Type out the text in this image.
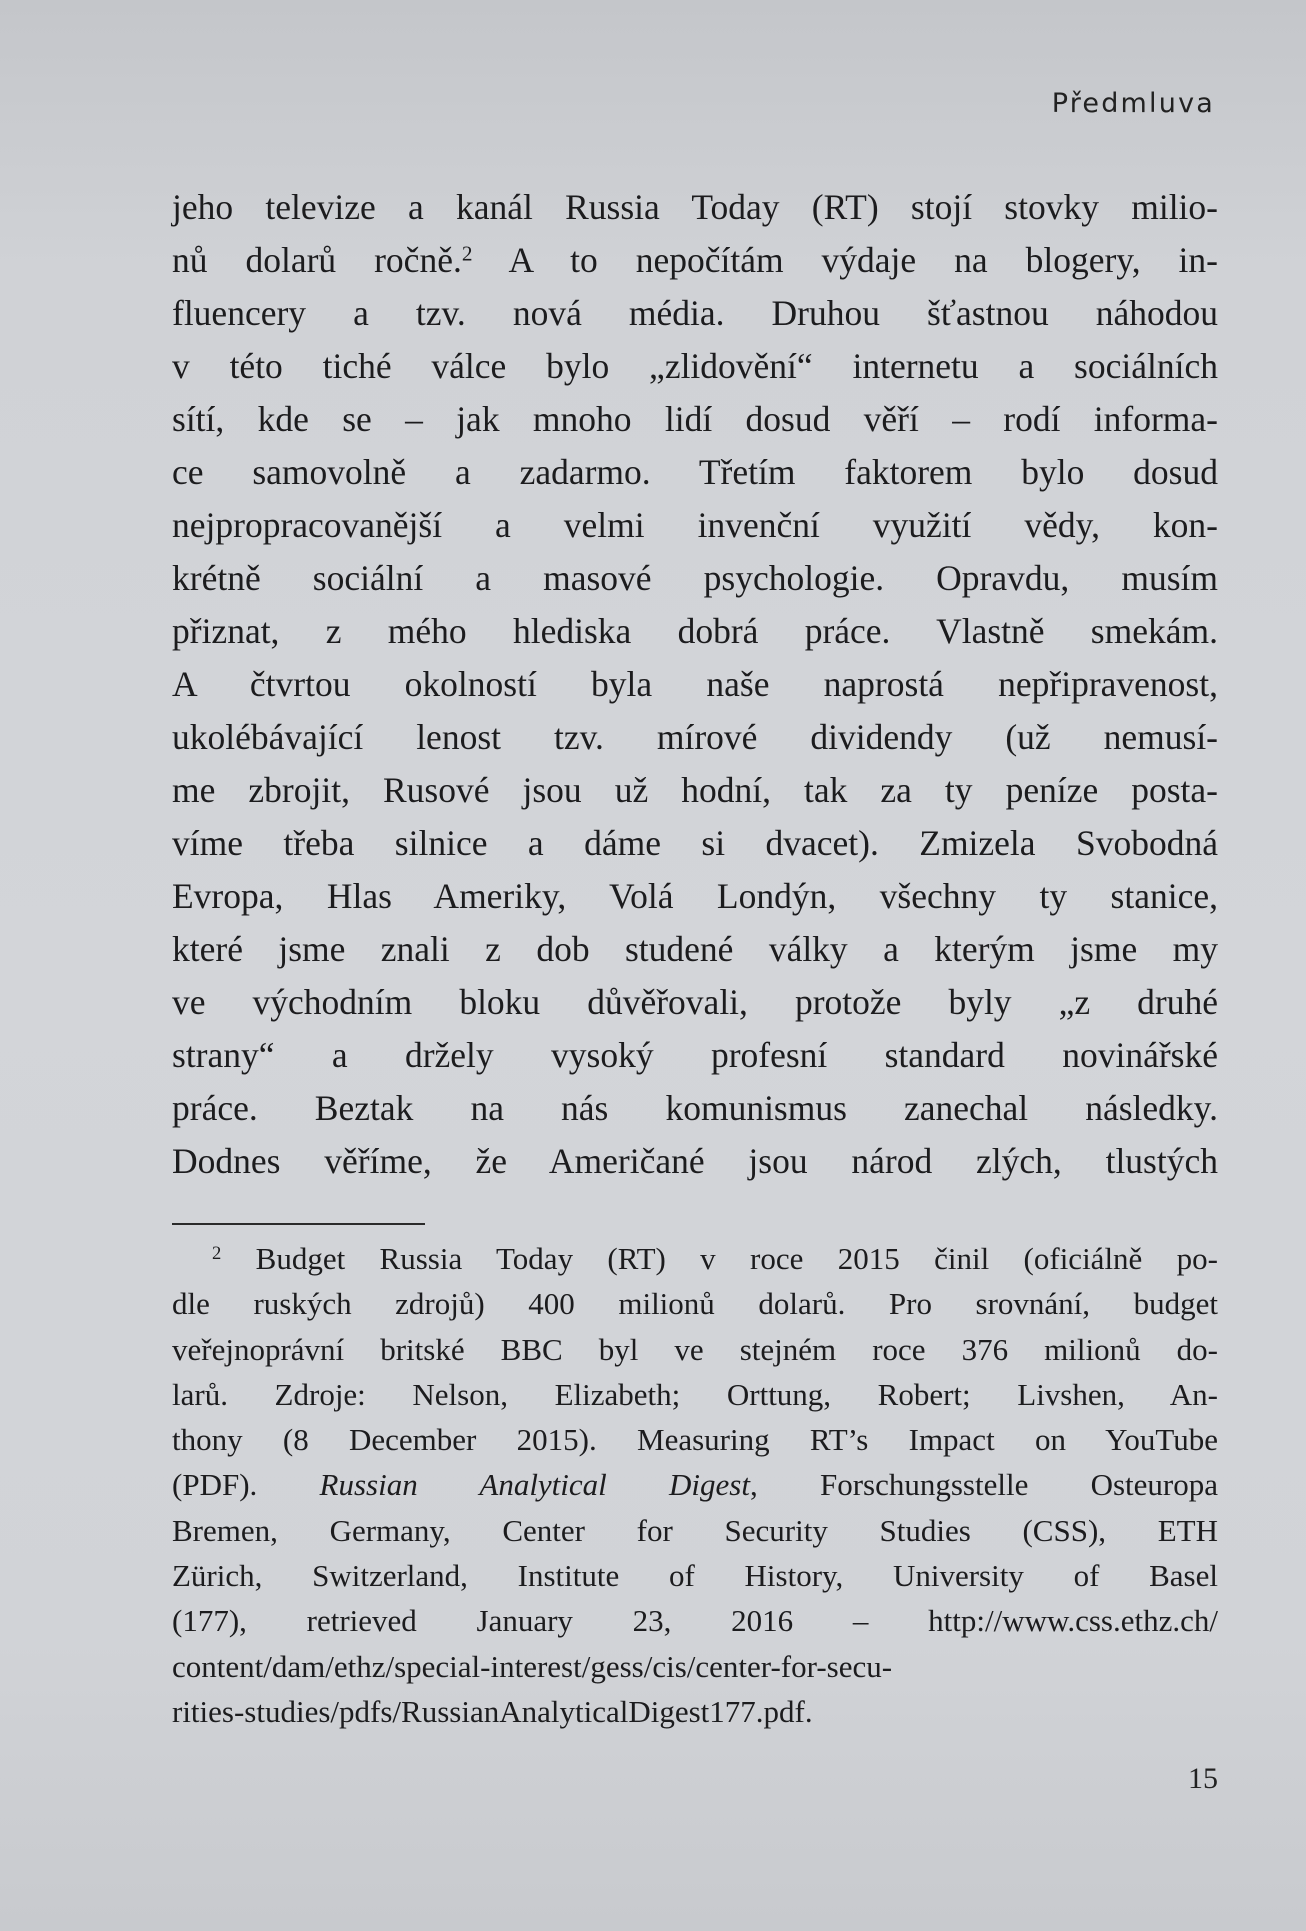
Předmluva
jeho televize a kanál Russia Today (RT) stojí stovky milio-
nů dolarů ročně.$^2$ A to nepočítám výdaje na blogery, in-
fluencery a tzv. nová média. Druhou šťastnou náhodou
v této tiché válce bylo „zlidovění“ internetu a sociálních
sítí, kde se – jak mnoho lidí dosud věří – rodí informa-
ce samovolně a zadarmo. Třetím faktorem bylo dosud
nejpropracovanější a velmi invenční využití vědy, kon-
krétně sociální a masové psychologie. Opravdu, musím
přiznat, z mého hlediska dobrá práce. Vlastně smekám.
A čtvrtou okolností byla naše naprostá nepřipravenost,
ukolébávající lenost tzv. mírové dividendy (už nemusí-
me zbrojit, Rusové jsou už hodní, tak za ty peníze posta-
víme třeba silnice a dáme si dvacet). Zmizela Svobodná
Evropa, Hlas Ameriky, Volá Londýn, všechny ty stanice,
které jsme znali z dob studené války a kterým jsme my
ve východním bloku důvěřovali, protože byly „z druhé
strany“ a držely vysoký profesní standard novinářské
práce. Beztak na nás komunismus zanechal následky.
Dodnes věříme, že Američané jsou národ zlých, tlustých
$^2$ Budget Russia Today (RT) v roce 2015 činil (oficiálně po-
dle ruských zdrojů) 400 milionů dolarů. Pro srovnání, budget
veřejnoprávní britské BBC byl ve stejném roce 376 milionů do-
larů. Zdroje: Nelson, Elizabeth; Orttung, Robert; Livshen, An-
thony (8 December 2015). Measuring RT’s Impact on YouTube
(PDF). Russian Analytical Digest, Forschungsstelle Osteuropa
Bremen, Germany, Center for Security Studies (CSS), ETH
Zürich, Switzerland, Institute of History, University of Basel
(177), retrieved January 23, 2016 – http://www.css.ethz.ch/
content/dam/ethz/special-interest/gess/cis/center-for-secu-
rities-studies/pdfs/RussianAnalyticalDigest177.pdf.
15
